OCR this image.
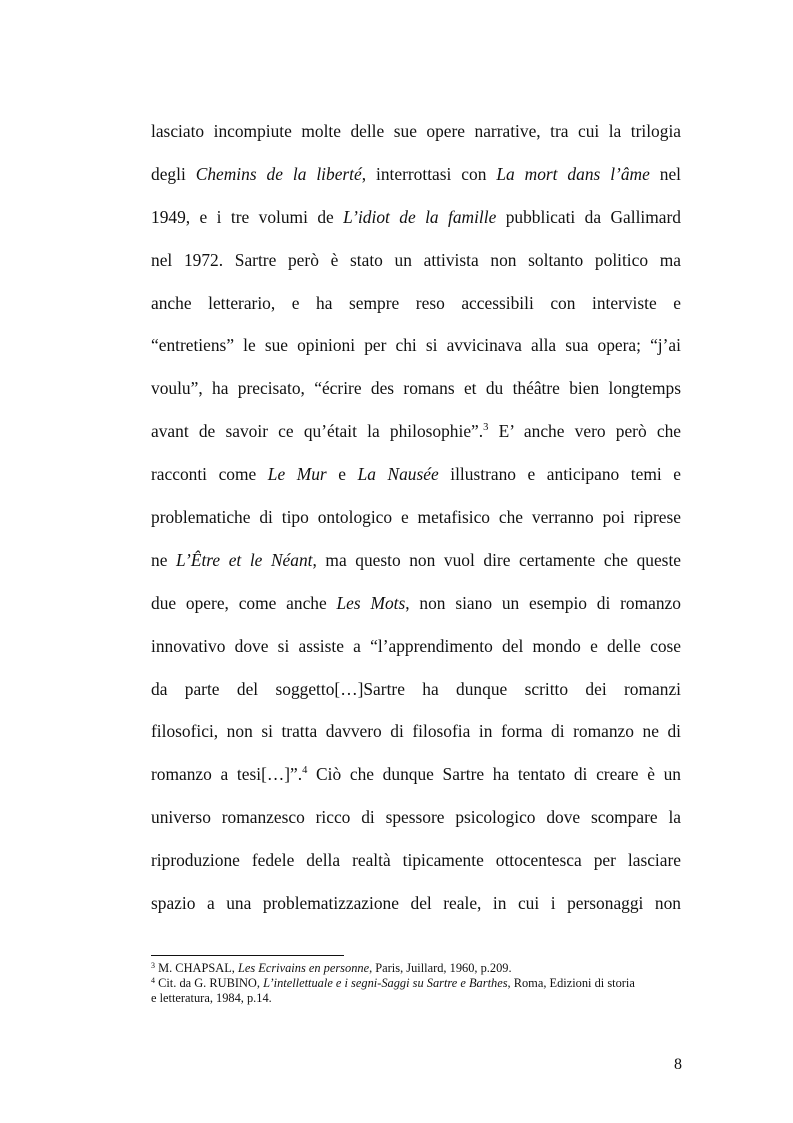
lasciato incompiute molte delle sue opere narrative, tra cui la trilogia
degli Chemins de la liberté, interrottasi con La mort dans l’âme nel
1949, e i tre volumi de L’idiot de la famille pubblicati da Gallimard
nel 1972. Sartre però è stato un attivista non soltanto politico ma
anche letterario, e ha sempre reso accessibili con interviste e
“entretiens” le sue opinioni per chi si avvicinava alla sua opera; “j’ai
voulu”, ha precisato, “écrire des romans et du théâtre bien longtemps
avant de savoir ce qu’était la philosophie”.$^3$ E’ anche vero però che
racconti come Le Mur e La Nausée illustrano e anticipano temi e
problematiche di tipo ontologico e metafisico che verranno poi riprese
ne L’Être et le Néant, ma questo non vuol dire certamente che queste
due opere, come anche Les Mots, non siano un esempio di romanzo
innovativo dove si assiste a “l’apprendimento del mondo e delle cose
da parte del soggetto[…]Sartre ha dunque scritto dei romanzi
filosofici, non si tratta davvero di filosofia in forma di romanzo ne di
romanzo a tesi[…]”.$^4$ Ciò che dunque Sartre ha tentato di creare è un
universo romanzesco ricco di spessore psicologico dove scompare la
riproduzione fedele della realtà tipicamente ottocentesca per lasciare
spazio a una problematizzazione del reale, in cui i personaggi non
$^3$ M. CHAPSAL, Les Ecrivains en personne, Paris, Juillard, 1960, p.209.
$^4$ Cit. da G. RUBINO, L’intellettuale e i segni-Saggi su Sartre e Barthes, Roma, Edizioni di storia
e letteratura, 1984, p.14.
8
